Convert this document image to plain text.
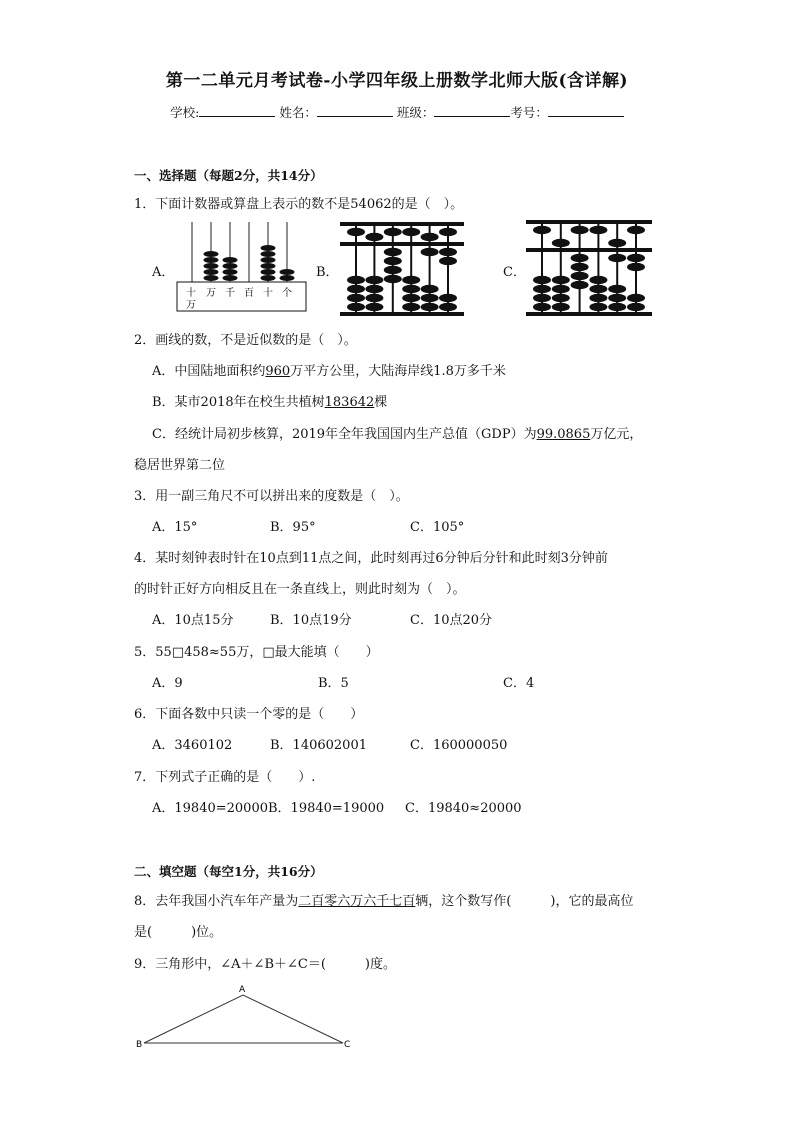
第一二单元月考试卷-小学四年级上册数学北师大版(含详解)
学校:	姓名：	班级：	考号：
一、选择题（每题2分，共14分）
1．下面计数器或算盘上表示的数不是54062的是（　）。
A．
十
万
万 千 百 十 个
B．	C．
2．画线的数，不是近似数的是（　）。
A．中国陆地面积约960万平方公里，大陆海岸线1.8万多千米
B．某市2018年在校生共植树183642棵
C．经统计局初步核算，2019年全年我国国内生产总值（GDP）为99.0865万亿元，
稳居世界第二位
3．用一副三角尺不可以拼出来的度数是（　）。
A．15°	B．95°	C．105°
4．某时刻钟表时针在10点到11点之间，此时刻再过6分钟后分针和此时刻3分钟前
的时针正好方向相反且在一条直线上，则此时刻为（　）。
A．10点15分	B．10点19分	C．10点20分
5．55□458≈55万，□最大能填（　　）
A．9	B．5	C．4
6．下面各数中只读一个零的是（　　）
A．3460102	B．140602001	C．160000050
7．下列式子正确的是（　　）.
A．19840=20000 B．19840=19000 C．19840≈20000
二、填空题（每空1分，共16分）
8．去年我国小汽车年产量为二百零六万六千七百辆，这个数写作(　　　)，它的最高位
是(　　　)位。
9．三角形中，∠A＋∠B＋∠C＝(　　　)度。
A
B	C
